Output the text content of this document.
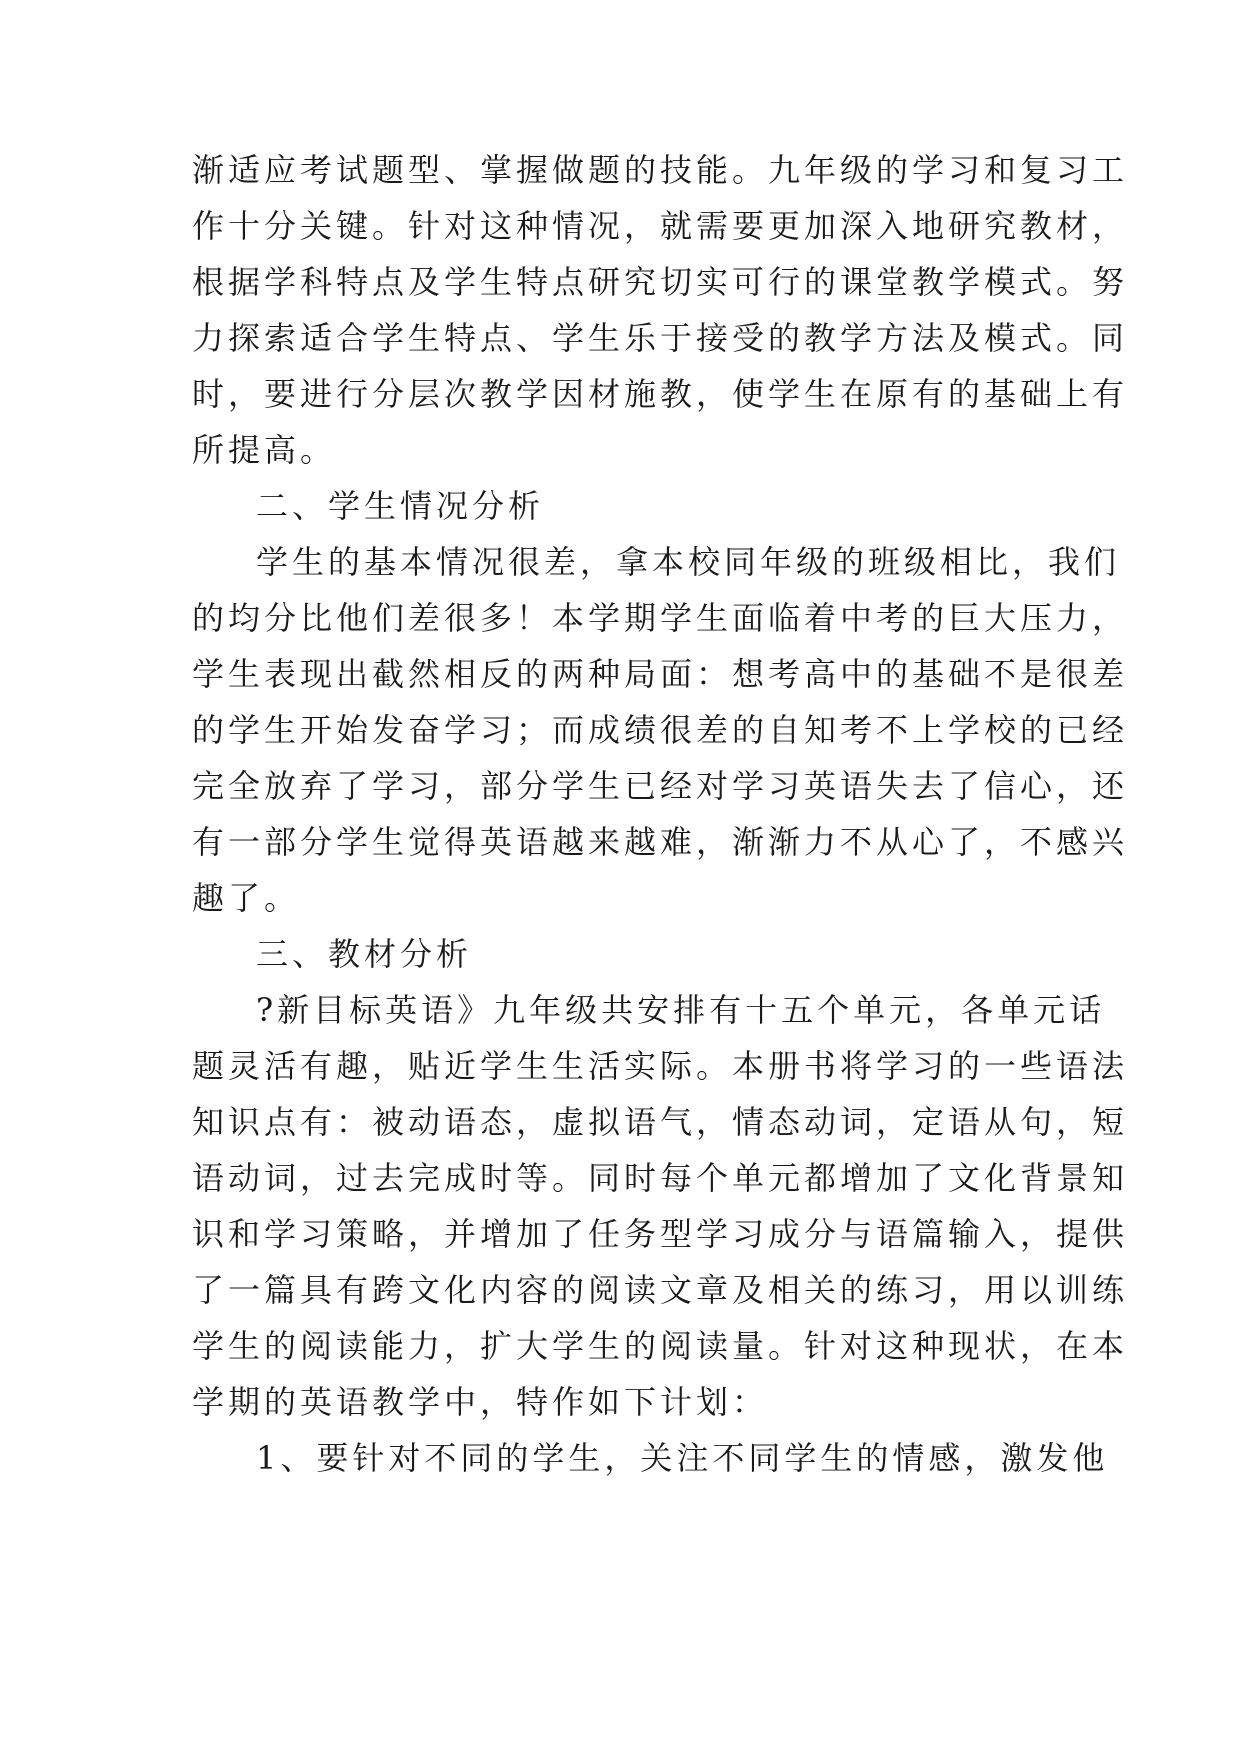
渐适应考试题型、掌握做题的技能。九年级的学习和复习工
作十分关键。针对这种情况，就需要更加深入地研究教材，
根据学科特点及学生特点研究切实可行的课堂教学模式。努
力探索适合学生特点、学生乐于接受的教学方法及模式。同
时，要进行分层次教学因材施教，使学生在原有的基础上有
所提高。
二、学生情况分析
学生的基本情况很差，拿本校同年级的班级相比，我们
的均分比他们差很多！本学期学生面临着中考的巨大压力，
学生表现出截然相反的两种局面：想考高中的基础不是很差
的学生开始发奋学习；而成绩很差的自知考不上学校的已经
完全放弃了学习，部分学生已经对学习英语失去了信心，还
有一部分学生觉得英语越来越难，渐渐力不从心了，不感兴
趣了。
三、教材分析
?新目标英语》九年级共安排有十五个单元，各单元话
题灵活有趣，贴近学生生活实际。本册书将学习的一些语法
知识点有：被动语态，虚拟语气，情态动词，定语从句，短
语动词，过去完成时等。同时每个单元都增加了文化背景知
识和学习策略，并增加了任务型学习成分与语篇输入，提供
了一篇具有跨文化内容的阅读文章及相关的练习，用以训练
学生的阅读能力，扩大学生的阅读量。针对这种现状，在本
学期的英语教学中，特作如下计划：
1、要针对不同的学生，关注不同学生的情感，激发他
